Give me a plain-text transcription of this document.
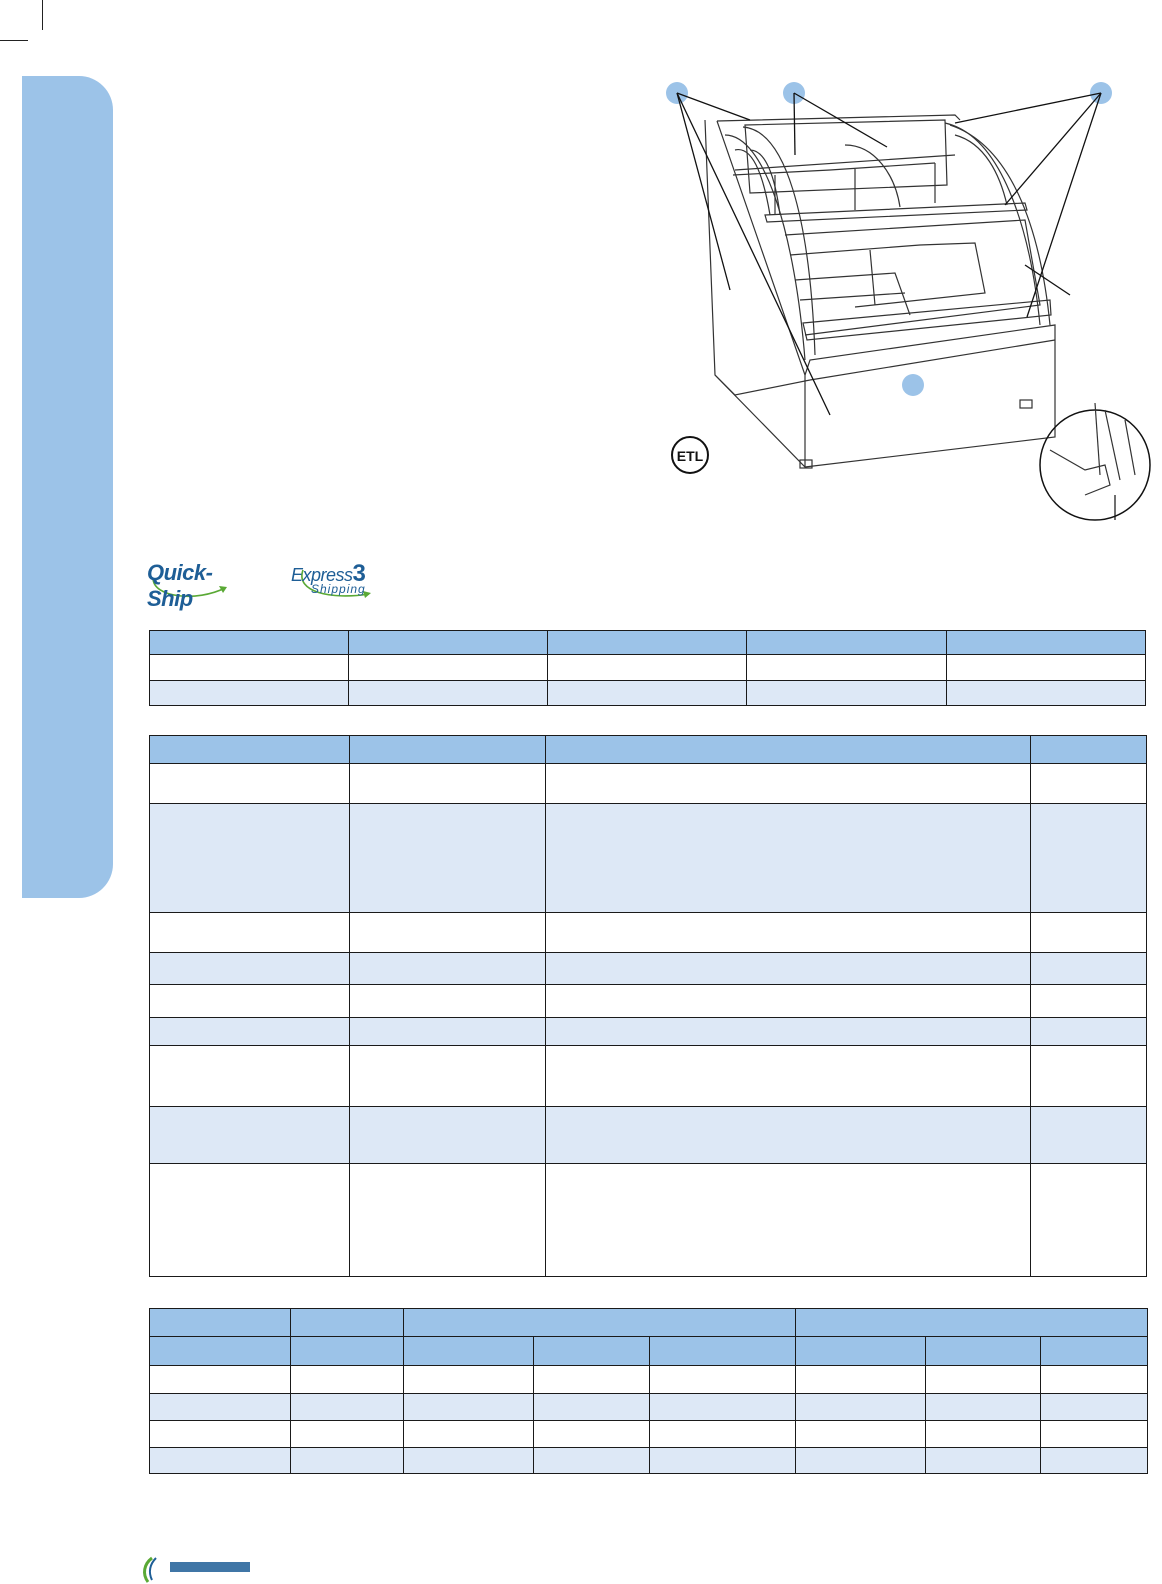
ETL
Quick-Ship
Express3
Shipping
